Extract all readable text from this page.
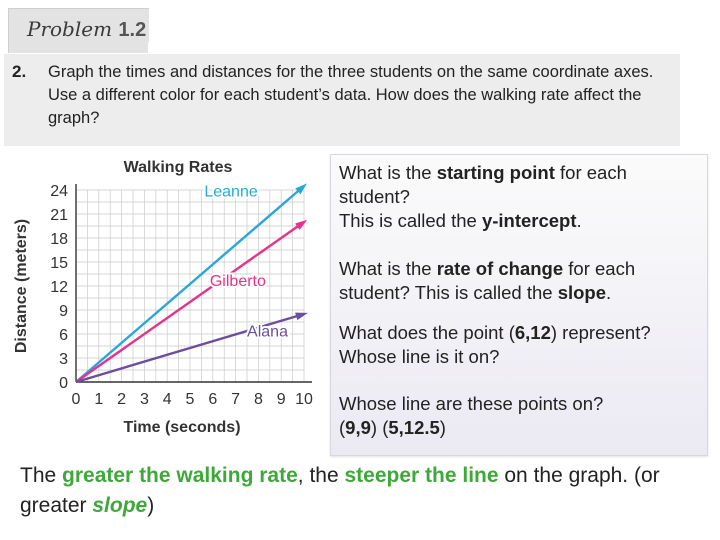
Problem 1.2
2. Graph the times and distances for the three students on the same coordinate axes. Use a different color for each student’s data. How does the walking rate affect the graph?
Walking Rates
0 1 2 3 4 5 6 7 8 9 10
0
3
6
9
12
15
18
21
24
Time (seconds)
Distance (meters)
Leanne
Gilberto
Alana
What is the starting point for each student?
This is called the y-intercept.
What is the rate of change for each student? This is called the slope.
What does the point (6,12) represent? Whose line is it on?
Whose line are these points on?
(9,9) (5,12.5)
The greater the walking rate, the steeper the line on the graph. (or greater slope)
